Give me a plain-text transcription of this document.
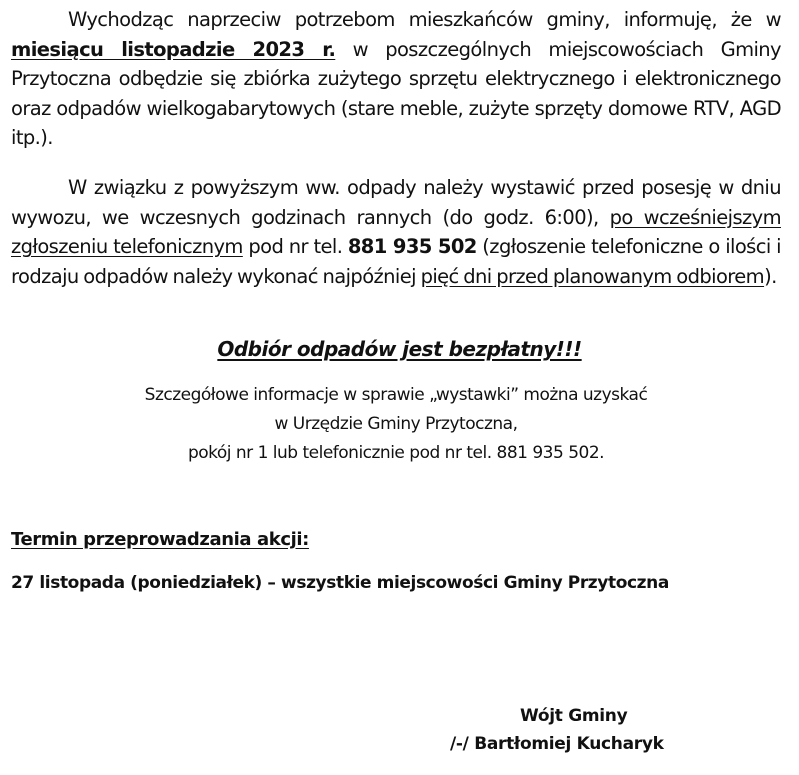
Wychodząc naprzeciw potrzebom mieszkańców gminy, informuję, że w miesiącu listopadzie 2023 r. w poszczególnych miejscowościach Gminy Przytoczna odbędzie się zbiórka zużytego sprzętu elektrycznego i elektronicznego oraz odpadów wielkogabarytowych (stare meble, zużyte sprzęty domowe RTV, AGD itp.).
W związku z powyższym ww. odpady należy wystawić przed posesję w dniu wywozu, we wczesnych godzinach rannych (do godz. 6:00), po wcześniejszym zgłoszeniu telefonicznym pod nr tel. 881 935 502 (zgłoszenie telefoniczne o ilości i rodzaju odpadów należy wykonać najpóźniej pięć dni przed planowanym odbiorem).
Odbiór odpadów jest bezpłatny!!!
Szczegółowe informacje w sprawie „wystawki” można uzyskać
w Urzędzie Gminy Przytoczna,
pokój nr 1 lub telefonicznie pod nr tel. 881 935 502.
Termin przeprowadzania akcji:
27 listopada (poniedziałek) – wszystkie miejscowości Gminy Przytoczna
Wójt Gminy
/-/ Bartłomiej Kucharyk
